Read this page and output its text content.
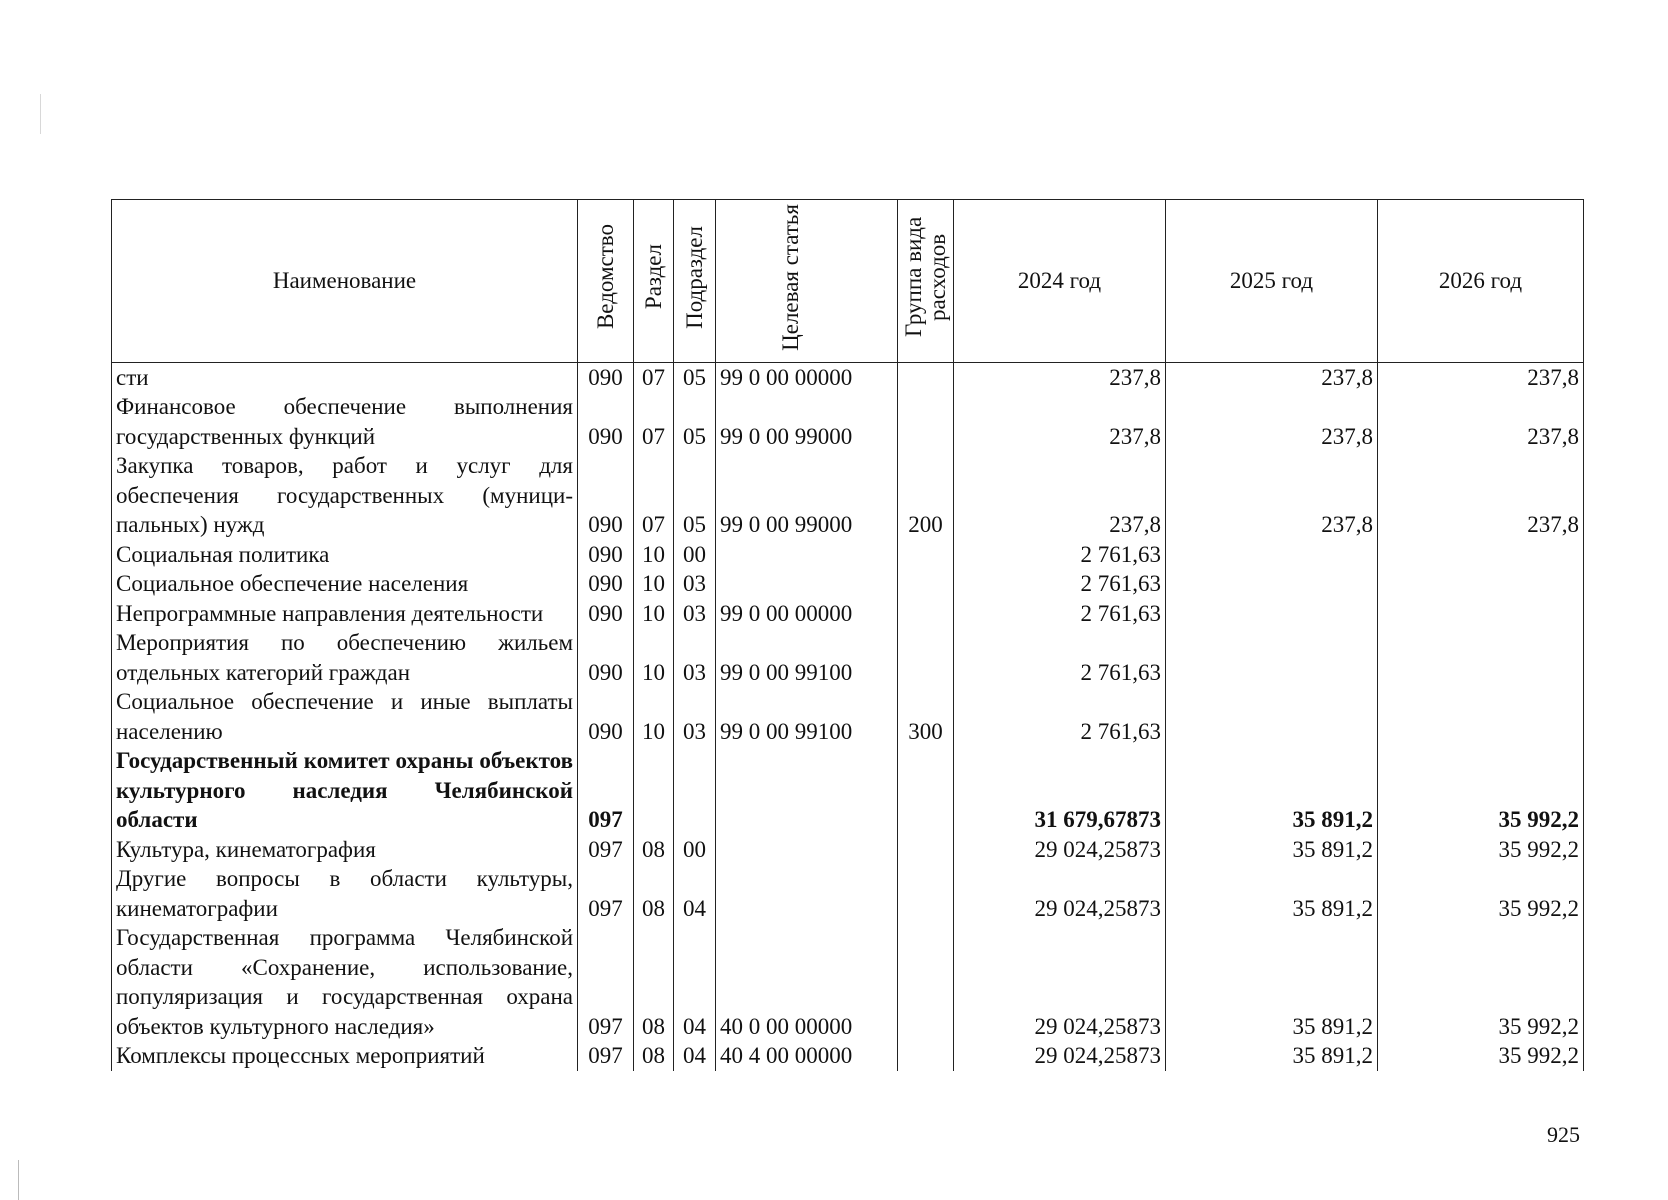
Наименование	Ведомство	Раздел	Подраздел	Целевая статья	Группа вида расходов	2024 год	2025 год	2026 год
сти	090	07	05	99 0 00 00000		237,8	237,8	237,8
Финансовое обеспечение выполнения государственных функций	090	07	05	99 0 00 99000		237,8	237,8	237,8
Закупка товаров, работ и услуг для обеспечения государственных (муниципальных) нужд	090	07	05	99 0 00 99000	200	237,8	237,8	237,8
Социальная политика	090	10	00			2 761,63		
Социальное обеспечение населения	090	10	03			2 761,63		
Непрограммные направления деятельности	090	10	03	99 0 00 00000		2 761,63		
Мероприятия по обеспечению жильем отдельных категорий граждан	090	10	03	99 0 00 99100		2 761,63		
Социальное обеспечение и иные выплаты населению	090	10	03	99 0 00 99100	300	2 761,63		
Государственный комитет охраны объектов культурного наследия Челябинской области	097					31 679,67873	35 891,2	35 992,2
Культура, кинематография	097	08	00			29 024,25873	35 891,2	35 992,2
Другие вопросы в области культуры, кинематографии	097	08	04			29 024,25873	35 891,2	35 992,2
Государственная программа Челябинской области «Сохранение, использование, популяризация и государственная охрана объектов культурного наследия»	097	08	04	40 0 00 00000		29 024,25873	35 891,2	35 992,2
Комплексы процессных мероприятий	097	08	04	40 4 00 00000		29 024,25873	35 891,2	35 992,2
925
